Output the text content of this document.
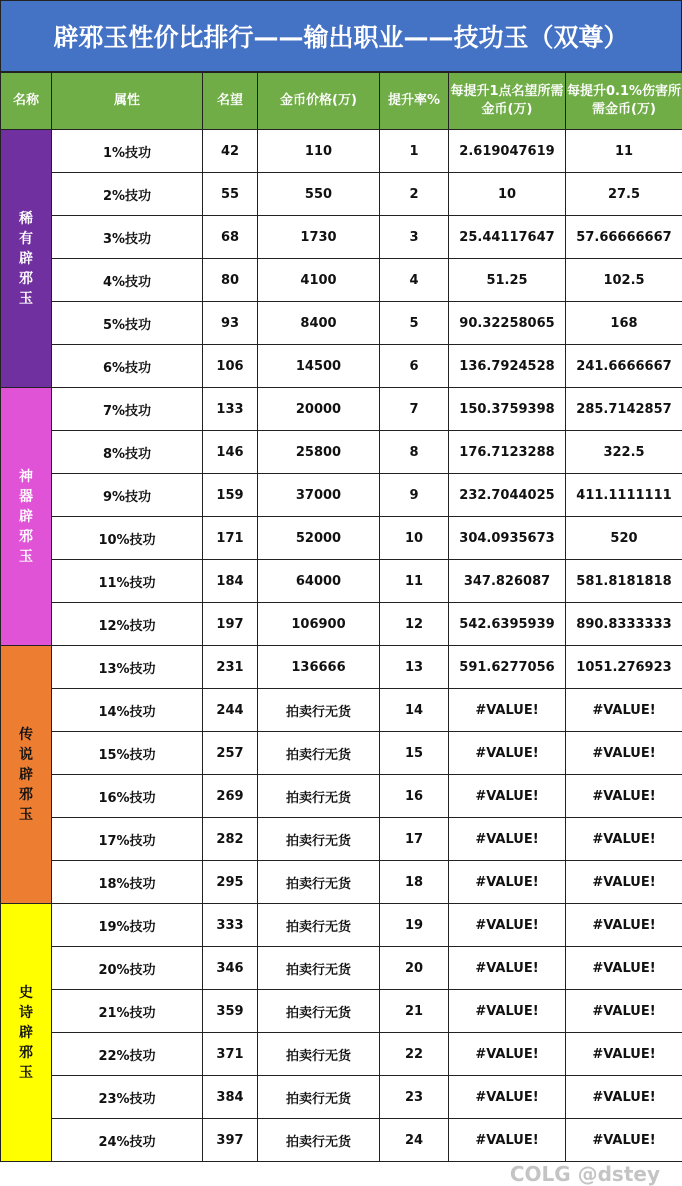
辟邪玉性价比排行——输出职业——技功玉（双尊）
名称	属性	名望	金币价格(万)	提升率%	每提升1点名望所需金币(万)	每提升0.1%伤害所需金币(万)
稀有辟邪玉	1%技功	42	110	1	2.619047619	11
	2%技功	55	550	2	10	27.5
	3%技功	68	1730	3	25.44117647	57.66666667
	4%技功	80	4100	4	51.25	102.5
	5%技功	93	8400	5	90.32258065	168
	6%技功	106	14500	6	136.7924528	241.6666667
神器辟邪玉	7%技功	133	20000	7	150.3759398	285.7142857
	8%技功	146	25800	8	176.7123288	322.5
	9%技功	159	37000	9	232.7044025	411.1111111
	10%技功	171	52000	10	304.0935673	520
	11%技功	184	64000	11	347.826087	581.8181818
	12%技功	197	106900	12	542.6395939	890.8333333
传说辟邪玉	13%技功	231	136666	13	591.6277056	1051.276923
	14%技功	244	拍卖行无货	14	#VALUE!	#VALUE!
	15%技功	257	拍卖行无货	15	#VALUE!	#VALUE!
	16%技功	269	拍卖行无货	16	#VALUE!	#VALUE!
	17%技功	282	拍卖行无货	17	#VALUE!	#VALUE!
	18%技功	295	拍卖行无货	18	#VALUE!	#VALUE!
史诗辟邪玉	19%技功	333	拍卖行无货	19	#VALUE!	#VALUE!
	20%技功	346	拍卖行无货	20	#VALUE!	#VALUE!
	21%技功	359	拍卖行无货	21	#VALUE!	#VALUE!
	22%技功	371	拍卖行无货	22	#VALUE!	#VALUE!
	23%技功	384	拍卖行无货	23	#VALUE!	#VALUE!
	24%技功	397	拍卖行无货	24	#VALUE!	#VALUE!
COLG @dstey
